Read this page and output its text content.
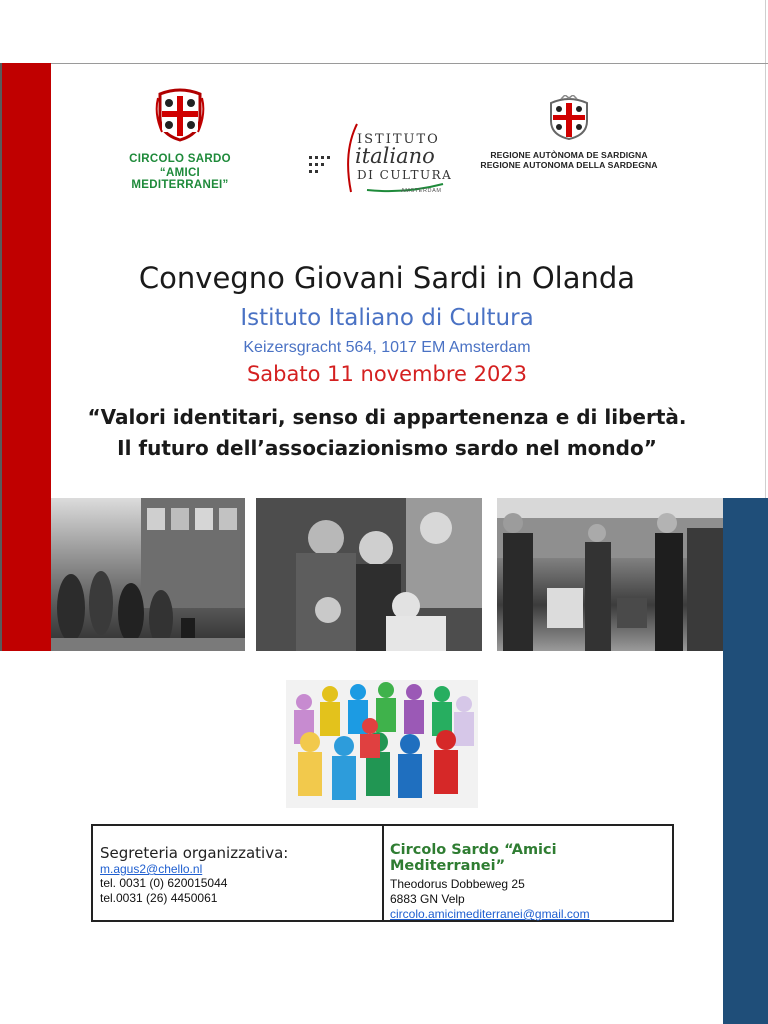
CIRCOLO SARDO
“AMICI MEDITERRANEI”
ISTITUTO
italiano
DI CULTURA
AMSTERDAM
REGIONE AUTÒNOMA DE SARDIGNA
REGIONE AUTONOMA DELLA SARDEGNA
Convegno Giovani Sardi in Olanda
Istituto Italiano di Cultura
Keizersgracht 564, 1017 EM Amsterdam
Sabato 11 novembre 2023
“Valori identitari, senso di appartenenza e di libertà.
Il futuro dell’associazionismo sardo nel mondo”
Segreteria organizzativa:
m.agus2@chello.nl
tel. 0031 (0) 620015044
tel.0031 (26) 4450061
Circolo Sardo “Amici Mediterranei”
Theodorus Dobbeweg 25
6883 GN Velp
circolo.amicimediterranei@gmail.com
